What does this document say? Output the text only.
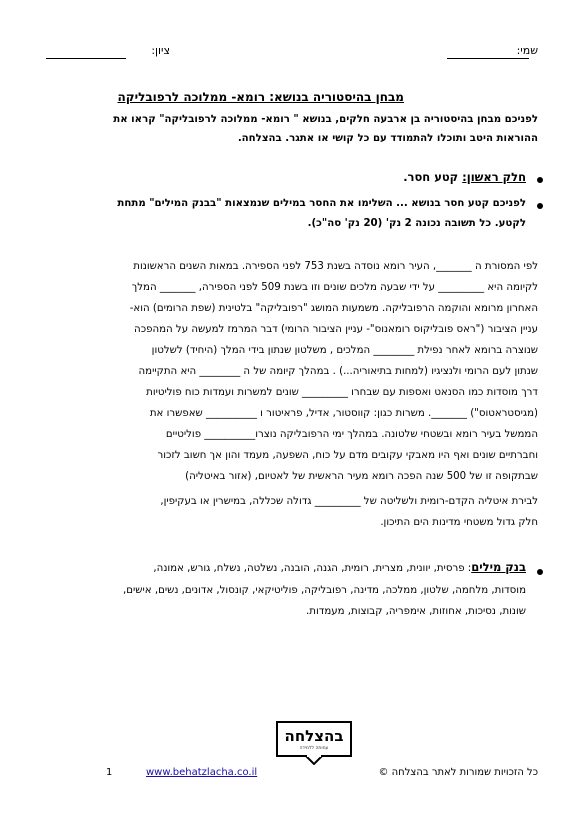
שמי:
ציון:
מבחן בהיסטוריה בנושא: רומא- ממלוכה לרפובליקה
לפניכם מבחן בהיסטוריה בן ארבעה חלקים, בנושא " רומא- ממלוכה לרפובליקה" קראו את
ההוראות היטב ותוכלו להתמודד עם כל קושי או אתגר. בהצלחה.
חלק ראשון: קטע חסר.
לפניכם קטע חסר בנושא ... השלימו את החסר במילים שנמצאות "בבנק המילים" מתחת
לקטע. כל תשובה נכונה 2 נק' (20 נק' סה"כ).
לפי המסורת ה _______, העיר רומא נוסדה בשנת 753 לפני הספירה. במאות השנים הראשונות
לקיומה היא _________ על ידי שבעה מלכים שונים וזו בשנת 509 לפני הספירה, _______ המלך
האחרון מרומא והוקמה הרפובליקה. משמעות המושג "רפובליקה" בלטינית (שפת הרומים) הוא-
עניין הציבור ("ראס פובליקוס רומאנוס"- עניין הציבור הרומי) דבר המרמז למעשה על המהפכה
שנוצרה ברומא לאחר נפילת ________ המלכים , משלטון שנתון בידי המלך (היחיד) לשלטון
שנתון לעם הרומי ולנציגיו (למחות בתיאוריה...) . במהלך קיומה של ה ________ היא התקיימה
דרך מוסדות כמו הסנאט ואספות עם שבחרו _________ שונים למשרות ועמדות כוח פוליטיות
(מגיסטראטוס") _______. משרות כגון: קווסטור, אדיל, פראיטור ו __________ שאפשרו את
הממשל בעיר רומא ובשטחי שלטונה. במהלך ימי הרפובליקה נוצרו__________ פוליטיים
וחברתיים שונים ואף היו מאבקי עקובים מדם על כוח, השפעה, מעמד והון אך חשוב לזכור
שבתקופה זו של 500 שנה הפכה רומא מעיר הראשית של לאטיום, (אזור באיטליה)
לבירת איטליה הקדם-רומית ולשליטה של _________ גדולה שכללה, במישרין או בעקיפין,
חלק גדול משטחי מדינות הים התיכון.
בנק מילים: פרסית, יוונית, מצרית, רומית, הגנה, הובנה, נשלטה, נשלח, גורש, אמונה,
מוסדות, מלחמה, שלטון, ממלכה, מדינה, רפובליקה, פוליטיקאי, קונסול, אדונים, נשים, אישים,
שונות, נסיכות, אחוזות, אימפריה, קבוצות, מעמדות.
בהצלחה
עמותה ללמידה
1	www.behatzlacha.co.il	כל הזכויות שמורות לאתר בהצלחה ©
